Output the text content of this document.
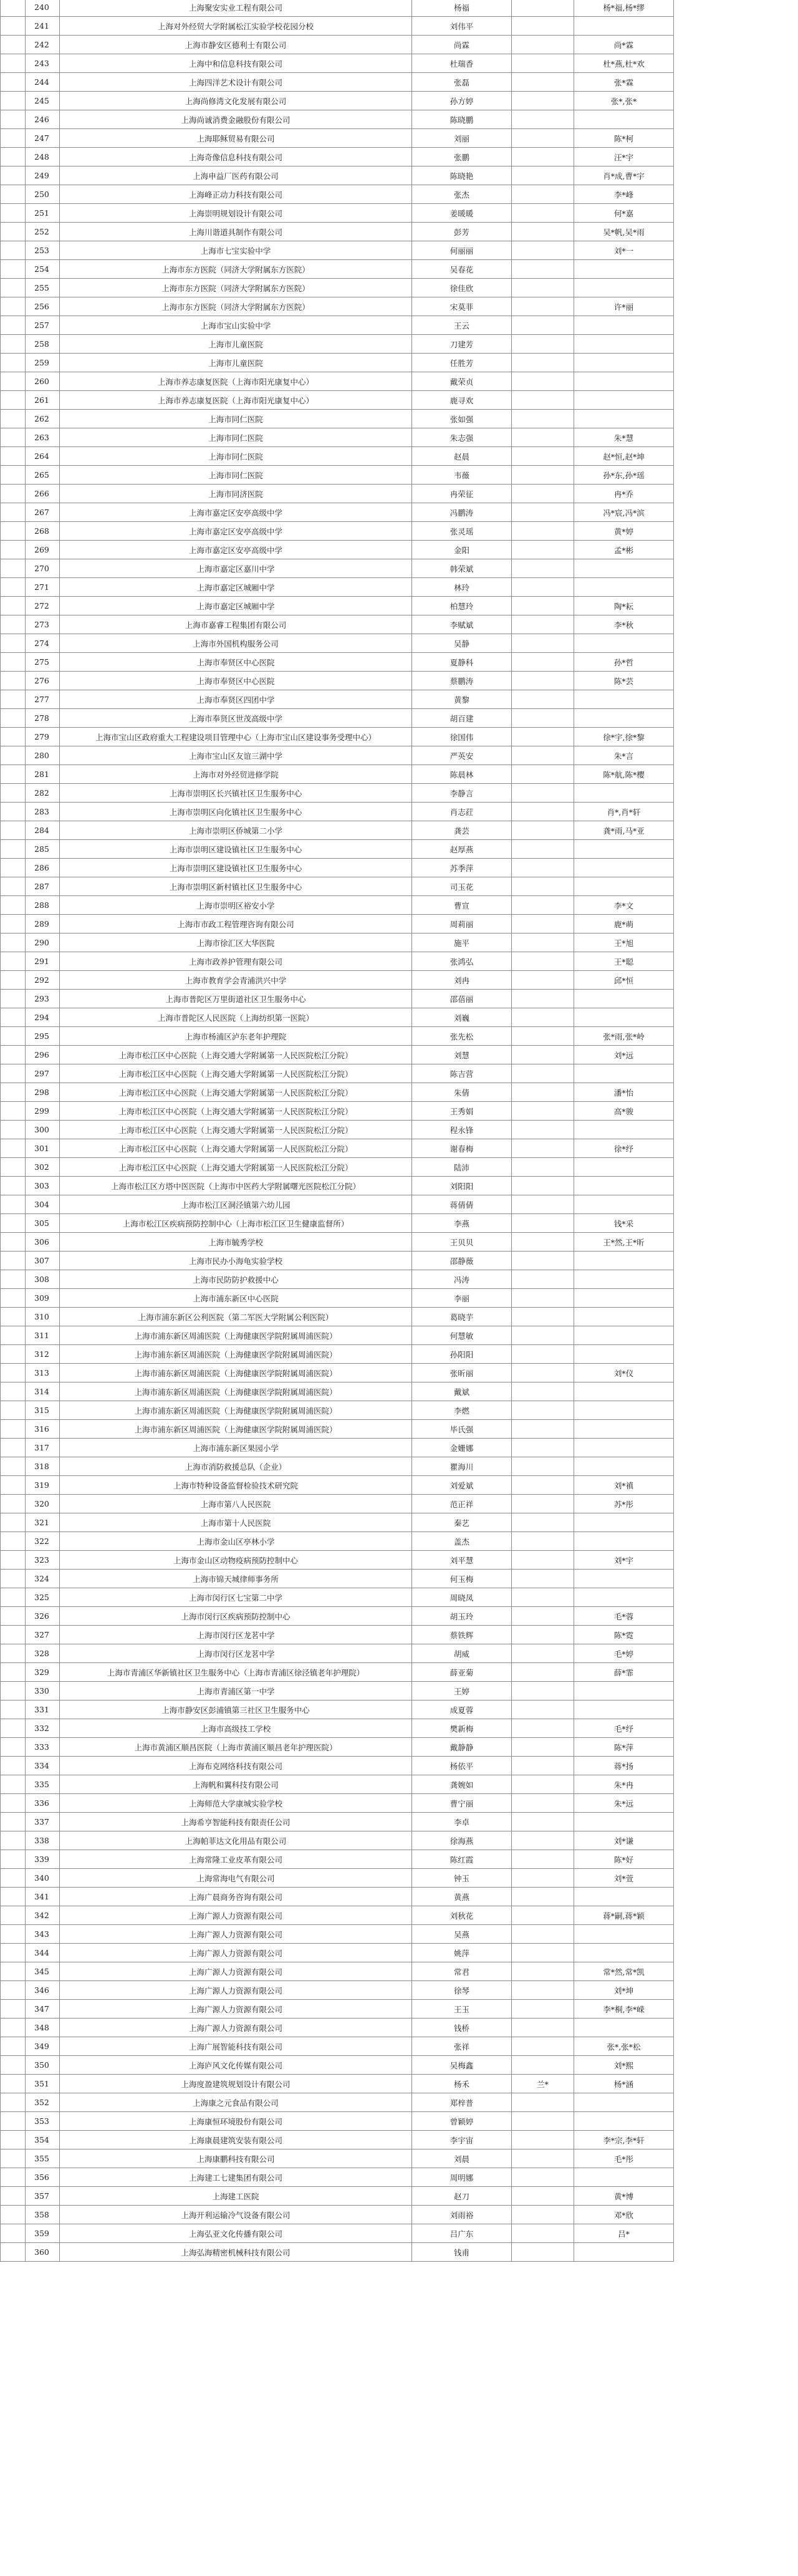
	240	上海聚安实业工程有限公司	杨福		杨*福,杨*缪
	241	上海对外经贸大学附属松江实验学校花园分校	刘伟平		
	242	上海市静安区德利士有限公司	尚霖		尚*霖
	243	上海中和信息科技有限公司	杜瑞香		杜*燕,杜*欢
	244	上海四洋艺术设计有限公司	张磊		张*霖
	245	上海尚修湾文化发展有限公司	孙方婷		张*,张*
	246	上海尚诚消费金融股份有限公司	陈晓鹏		
	247	上海耶稣贸易有限公司	刘丽		陈*柯
	248	上海奇像信息科技有限公司	张鹏		汪*宇
	249	上海申益厂医药有限公司	陈晓艳		肖*成,曹*宇
	250	上海峰正动力科技有限公司	张杰		李*峰
	251	上海崇明规划设计有限公司	姜暖暖		何*嘉
	252	上海川谐道具制作有限公司	彭芳		吴*帆,吴*雨
	253	上海市七宝实验中学	何丽丽		刘*一
	254	上海市东方医院（同济大学附属东方医院）	吴春花		
	255	上海市东方医院（同济大学附属东方医院）	徐佳欣		
	256	上海市东方医院（同济大学附属东方医院）	宋莫菲		许*丽
	257	上海市宝山实验中学	王云		
	258	上海市儿童医院	刀建芳		
	259	上海市儿童医院	任胜芳		
	260	上海市养志康复医院（上海市阳光康复中心）	戴荣贞		
	261	上海市养志康复医院（上海市阳光康复中心）	鹿寻欢		
	262	上海市同仁医院	张如强		
	263	上海市同仁医院	朱志强		朱*慧
	264	上海市同仁医院	赵晨		赵*恒,赵*坤
	265	上海市同仁医院	韦薇		孙*东,孙*瑶
	266	上海市同济医院	冉荣征		冉*乔
	267	上海市嘉定区安亭高级中学	冯鹏涛		冯*宸,冯*滨
	268	上海市嘉定区安亭高级中学	张灵瑶		黄*婷
	269	上海市嘉定区安亭高级中学	金阳		孟*彬
	270	上海市嘉定区嘉川中学	韩荣斌		
	271	上海市嘉定区城厢中学	林玲		
	272	上海市嘉定区城厢中学	柏慧玲		陶*耘
	273	上海市嘉睿工程集团有限公司	李赋斌		李*秋
	274	上海市外国机构服务公司	吴静		
	275	上海市奉贤区中心医院	夏静科		孙*哲
	276	上海市奉贤区中心医院	蔡鹏涛		陈*芸
	277	上海市奉贤区四团中学	黄黎		
	278	上海市奉贤区世茂高级中学	胡百建		
	279	上海市宝山区政府重大工程建设项目管理中心（上海市宝山区建设事务受理中心）	徐国伟		徐*宇,徐*黎
	280	上海市宝山区友谊三湖中学	严英安		朱*言
	281	上海市对外经贸进修学院	陈晨林		陈*航,陈*樱
	282	上海市崇明区长兴镇社区卫生服务中心	李静言		
	283	上海市崇明区向化镇社区卫生服务中心	肖志荭		肖*,肖*轩
	284	上海市崇明区侨城第二小学	龚芸		龚*雨,马*亚
	285	上海市崇明区建设镇社区卫生服务中心	赵厚燕		
	286	上海市崇明区建设镇社区卫生服务中心	苏季萍		
	287	上海市崇明区新村镇社区卫生服务中心	司玉花		
	288	上海市崇明区裕安小学	曹宣		李*文
	289	上海市市政工程管理咨询有限公司	周莉丽		鹿*萌
	290	上海市徐汇区大华医院	施平		王*旭
	291	上海市政养护管理有限公司	张鸿弘		王*聪
	292	上海市教育学会青浦洪兴中学	刘冉		邱*恒
	293	上海市普陀区万里街道社区卫生服务中心	邵蓓丽		
	294	上海市普陀区人民医院（上海纺织第一医院）	刘巍		
	295	上海市杨浦区泸东老年护理院	张先松		张*雨,张*岭
	296	上海市松江区中心医院（上海交通大学附属第一人民医院松江分院）	刘慧		刘*远
	297	上海市松江区中心医院（上海交通大学附属第一人民医院松江分院）	陈吉营		
	298	上海市松江区中心医院（上海交通大学附属第一人民医院松江分院）	朱倩		潘*怡
	299	上海市松江区中心医院（上海交通大学附属第一人民医院松江分院）	王秀娟		高*骏
	300	上海市松江区中心医院（上海交通大学附属第一人民医院松江分院）	程永锋		
	301	上海市松江区中心医院（上海交通大学附属第一人民医院松江分院）	谢春梅		徐*纾
	302	上海市松江区中心医院（上海交通大学附属第一人民医院松江分院）	陆沛		
	303	上海市松江区方塔中医医院（上海市中医药大学附属曙光医院松江分院）	刘阳阳		
	304	上海市松江区洞泾镇第六幼儿园	蒋倩倩		
	305	上海市松江区疾病预防控制中心（上海市松江区卫生健康监督所）	李燕		钱*采
	306	上海市毓秀学校	王贝贝		王*然,王*昕
	307	上海市民办小海龟实验学校	邵静薇		
	308	上海市民防防护救援中心	冯涛		
	309	上海市浦东新区中心医院	李丽		
	310	上海市浦东新区公利医院（第二军医大学附属公利医院）	葛晓芋		
	311	上海市浦东新区周浦医院（上海健康医学院附属周浦医院）	何慧敏		
	312	上海市浦东新区周浦医院（上海健康医学院附属周浦医院）	孙阳阳		
	313	上海市浦东新区周浦医院（上海健康医学院附属周浦医院）	张昕丽		刘*仪
	314	上海市浦东新区周浦医院（上海健康医学院附属周浦医院）	戴斌		
	315	上海市浦东新区周浦医院（上海健康医学院附属周浦医院）	李燃		
	316	上海市浦东新区周浦医院（上海健康医学院附属周浦医院）	毕氏强		
	317	上海市浦东新区果园小学	金姗娜		
	318	上海市消防救援总队（企业）	瞿海川		
	319	上海市特种设备监督检验技术研究院	刘爱斌		刘*禛
	320	上海市第八人民医院	范正祥		苏*彤
	321	上海市第十人民医院	秦艺		
	322	上海市金山区亭林小学	盖杰		
	323	上海市金山区动物疫病预防控制中心	刘平慧		刘*宇
	324	上海市锦天城律师事务所	何玉梅		
	325	上海市闵行区七宝第二中学	周晓凤		
	326	上海市闵行区疾病预防控制中心	胡玉玲		毛*蓉
	327	上海市闵行区龙茗中学	蔡铁辉		陈*霓
	328	上海市闵行区龙茗中学	胡威		毛*婷
	329	上海市青浦区华新镇社区卫生服务中心（上海市青浦区徐泾镇老年护理院）	薛亚菊		薛*霏
	330	上海市青浦区第一中学	王婷		
	331	上海市静安区彭浦镇第三社区卫生服务中心	成夏蓉		
	332	上海市高级技工学校	樊新梅		毛*纾
	333	上海市黄浦区顺昌医院（上海市黄浦区顺昌老年护理医院）	戴静静		陈*萍
	334	上海布克网络科技有限公司	杨依平		蒋*扬
	335	上海帆和翼科技有限公司	龚婉如		朱*冉
	336	上海师范大学康城实验学校	曹宁丽		朱*远
	337	上海希亨智能科技有限责任公司	李卓		
	338	上海帕菲达文化用品有限公司	徐海燕		刘*谦
	339	上海常隆工业皮革有限公司	陈红霞		陈*好
	340	上海常海电气有限公司	钟玉		刘*萱
	341	上海广晨商务咨询有限公司	黄燕		
	342	上海广源人力资源有限公司	刘秋花		蒋*嗣,蒋*颖
	343	上海广源人力资源有限公司	吴燕		
	344	上海广源人力资源有限公司	姚萍		
	345	上海广源人力资源有限公司	常君		常*然,常*凯
	346	上海广源人力资源有限公司	徐琴		刘*坤
	347	上海广源人力资源有限公司	王玉		李*桐,李*嵘
	348	上海广源人力资源有限公司	钱桥		
	349	上海广展智能科技有限公司	张祥		张*,张*松
	350	上海庐风文化传媒有限公司	吴梅鑫		刘*熙
	351	上海度盈建筑规划设计有限公司	杨禾	兰*	杨*涵
	352	上海康之元食品有限公司	郑梓普		
	353	上海康恒环境股份有限公司	曾颖婷		
	354	上海康晨建筑安装有限公司	李宇宙		李*宗,李*轩
	355	上海康鹏科技有限公司	刘晨		毛*彤
	356	上海建工七建集团有限公司	周明娜		
	357	上海建工医院	赵刀		黄*博
	358	上海开利运输冷气设备有限公司	刘雨裕		邓*欣
	359	上海弘亚文化传播有限公司	吕广东		吕*
	360	上海弘海精密机械科技有限公司	钱甫		
